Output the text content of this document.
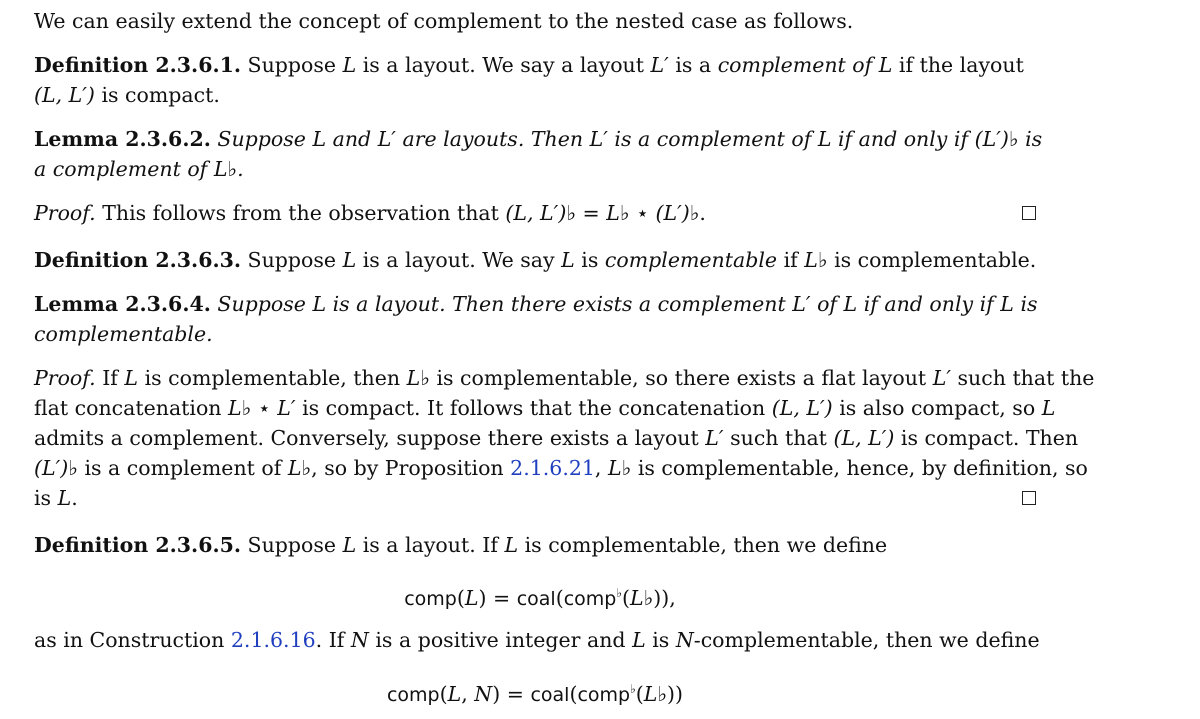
We can easily extend the concept of complement to the nested case as follows.
Definition 2.3.6.1. Suppose L is a layout. We say a layout L′ is a complement of L if the layout
(L, L′) is compact.
Lemma 2.3.6.2. Suppose L and L′ are layouts. Then L′ is a complement of L if and only if (L′)♭ is
a complement of L♭.
Proof. This follows from the observation that (L, L′)♭ = L♭ ⋆ (L′)♭.
Definition 2.3.6.3. Suppose L is a layout. We say L is complementable if L♭ is complementable.
Lemma 2.3.6.4. Suppose L is a layout. Then there exists a complement L′ of L if and only if L is
complementable.
Proof. If L is complementable, then L♭ is complementable, so there exists a flat layout L′ such that the
flat concatenation L♭ ⋆ L′ is compact. It follows that the concatenation (L, L′) is also compact, so L
admits a complement. Conversely, suppose there exists a layout L′ such that (L, L′) is compact. Then
(L′)♭ is a complement of L♭, so by Proposition 2.1.6.21, L♭ is complementable, hence, by definition, so
is L.
Definition 2.3.6.5. Suppose L is a layout. If L is complementable, then we define
comp(L) = coal(comp♭(L♭)),
as in Construction 2.1.6.16. If N is a positive integer and L is N-complementable, then we define
comp(L, N) = coal(comp♭(L♭))
